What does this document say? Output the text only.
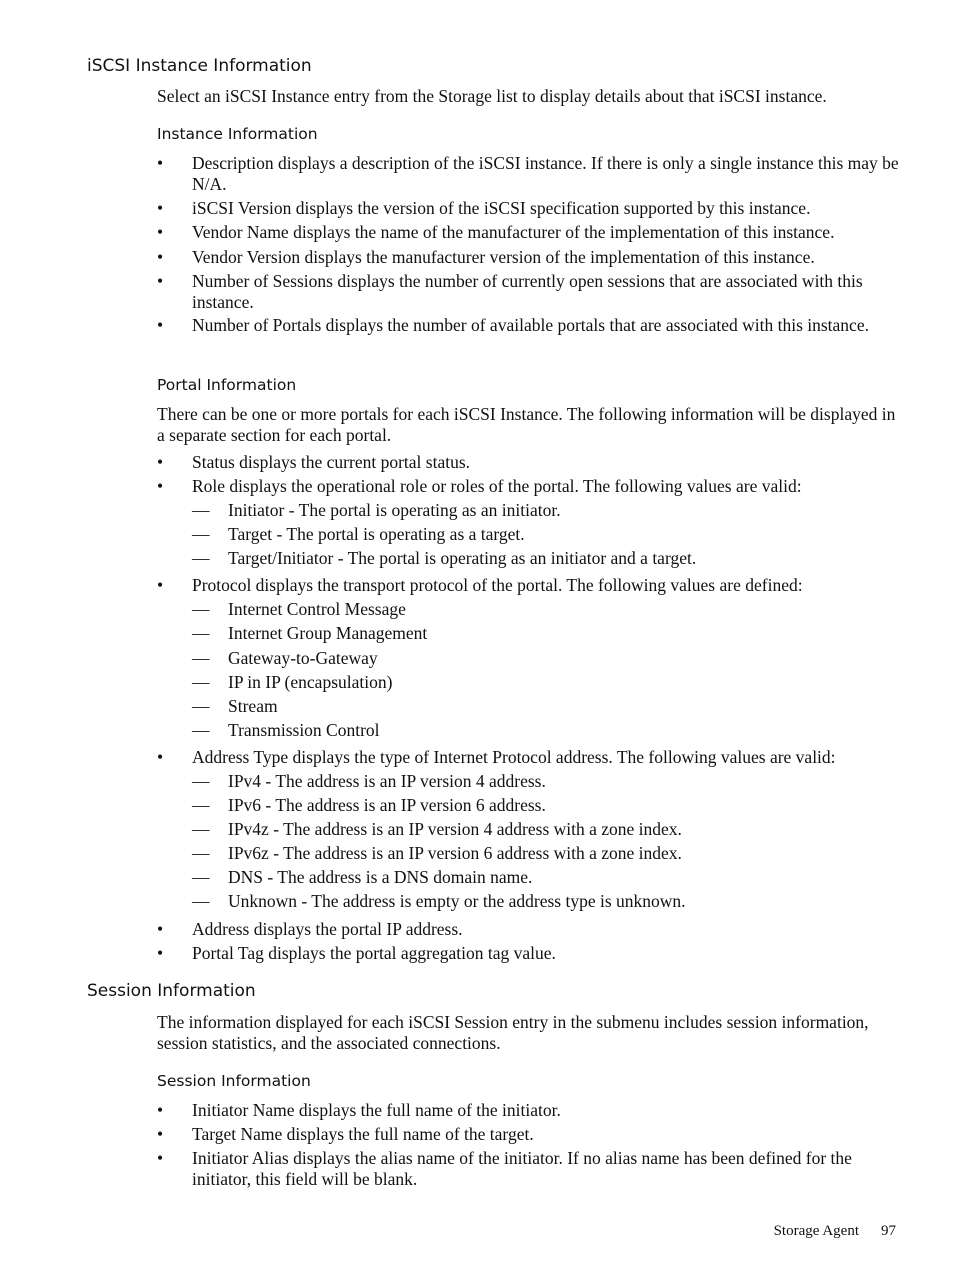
iSCSI Instance Information

Select an iSCSI Instance entry from the Storage list to display details about that iSCSI instance.

Instance Information
•	Description displays a description of the iSCSI instance. If there is only a single instance this may be N/A.
•	iSCSI Version displays the version of the iSCSI specification supported by this instance.
•	Vendor Name displays the name of the manufacturer of the implementation of this instance.
•	Vendor Version displays the manufacturer version of the implementation of this instance.
•	Number of Sessions displays the number of currently open sessions that are associated with this instance.
•	Number of Portals displays the number of available portals that are associated with this instance.
Portal Information

There can be one or more portals for each iSCSI Instance. The following information will be displayed in a separate section for each portal.

•	Status displays the current portal status.
•	Role displays the operational role or roles of the portal. The following values are valid:
—	Initiator - The portal is operating as an initiator.
—	Target - The portal is operating as a target.
—	Target/Initiator - The portal is operating as an initiator and a target.
•	Protocol displays the transport protocol of the portal. The following values are defined:
—	Internet Control Message
—	Internet Group Management
—	Gateway-to-Gateway
—	IP in IP (encapsulation)
—	Stream
—	Transmission Control
•	Address Type displays the type of Internet Protocol address. The following values are valid:
—	IPv4 - The address is an IP version 4 address.
—	IPv6 - The address is an IP version 6 address.
—	IPv4z - The address is an IP version 4 address with a zone index.
—	IPv6z - The address is an IP version 6 address with a zone index.
—	DNS - The address is a DNS domain name.
—	Unknown - The address is empty or the address type is unknown.
•	Address displays the portal IP address.
•	Portal Tag displays the portal aggregation tag value.
Session Information

The information displayed for each iSCSI Session entry in the submenu includes session information, session statistics, and the associated connections.

Session Information
•	Initiator Name displays the full name of the initiator.
•	Target Name displays the full name of the target.
•	Initiator Alias displays the alias name of the initiator. If no alias name has been defined for the initiator, this field will be blank.
Storage Agent 97
